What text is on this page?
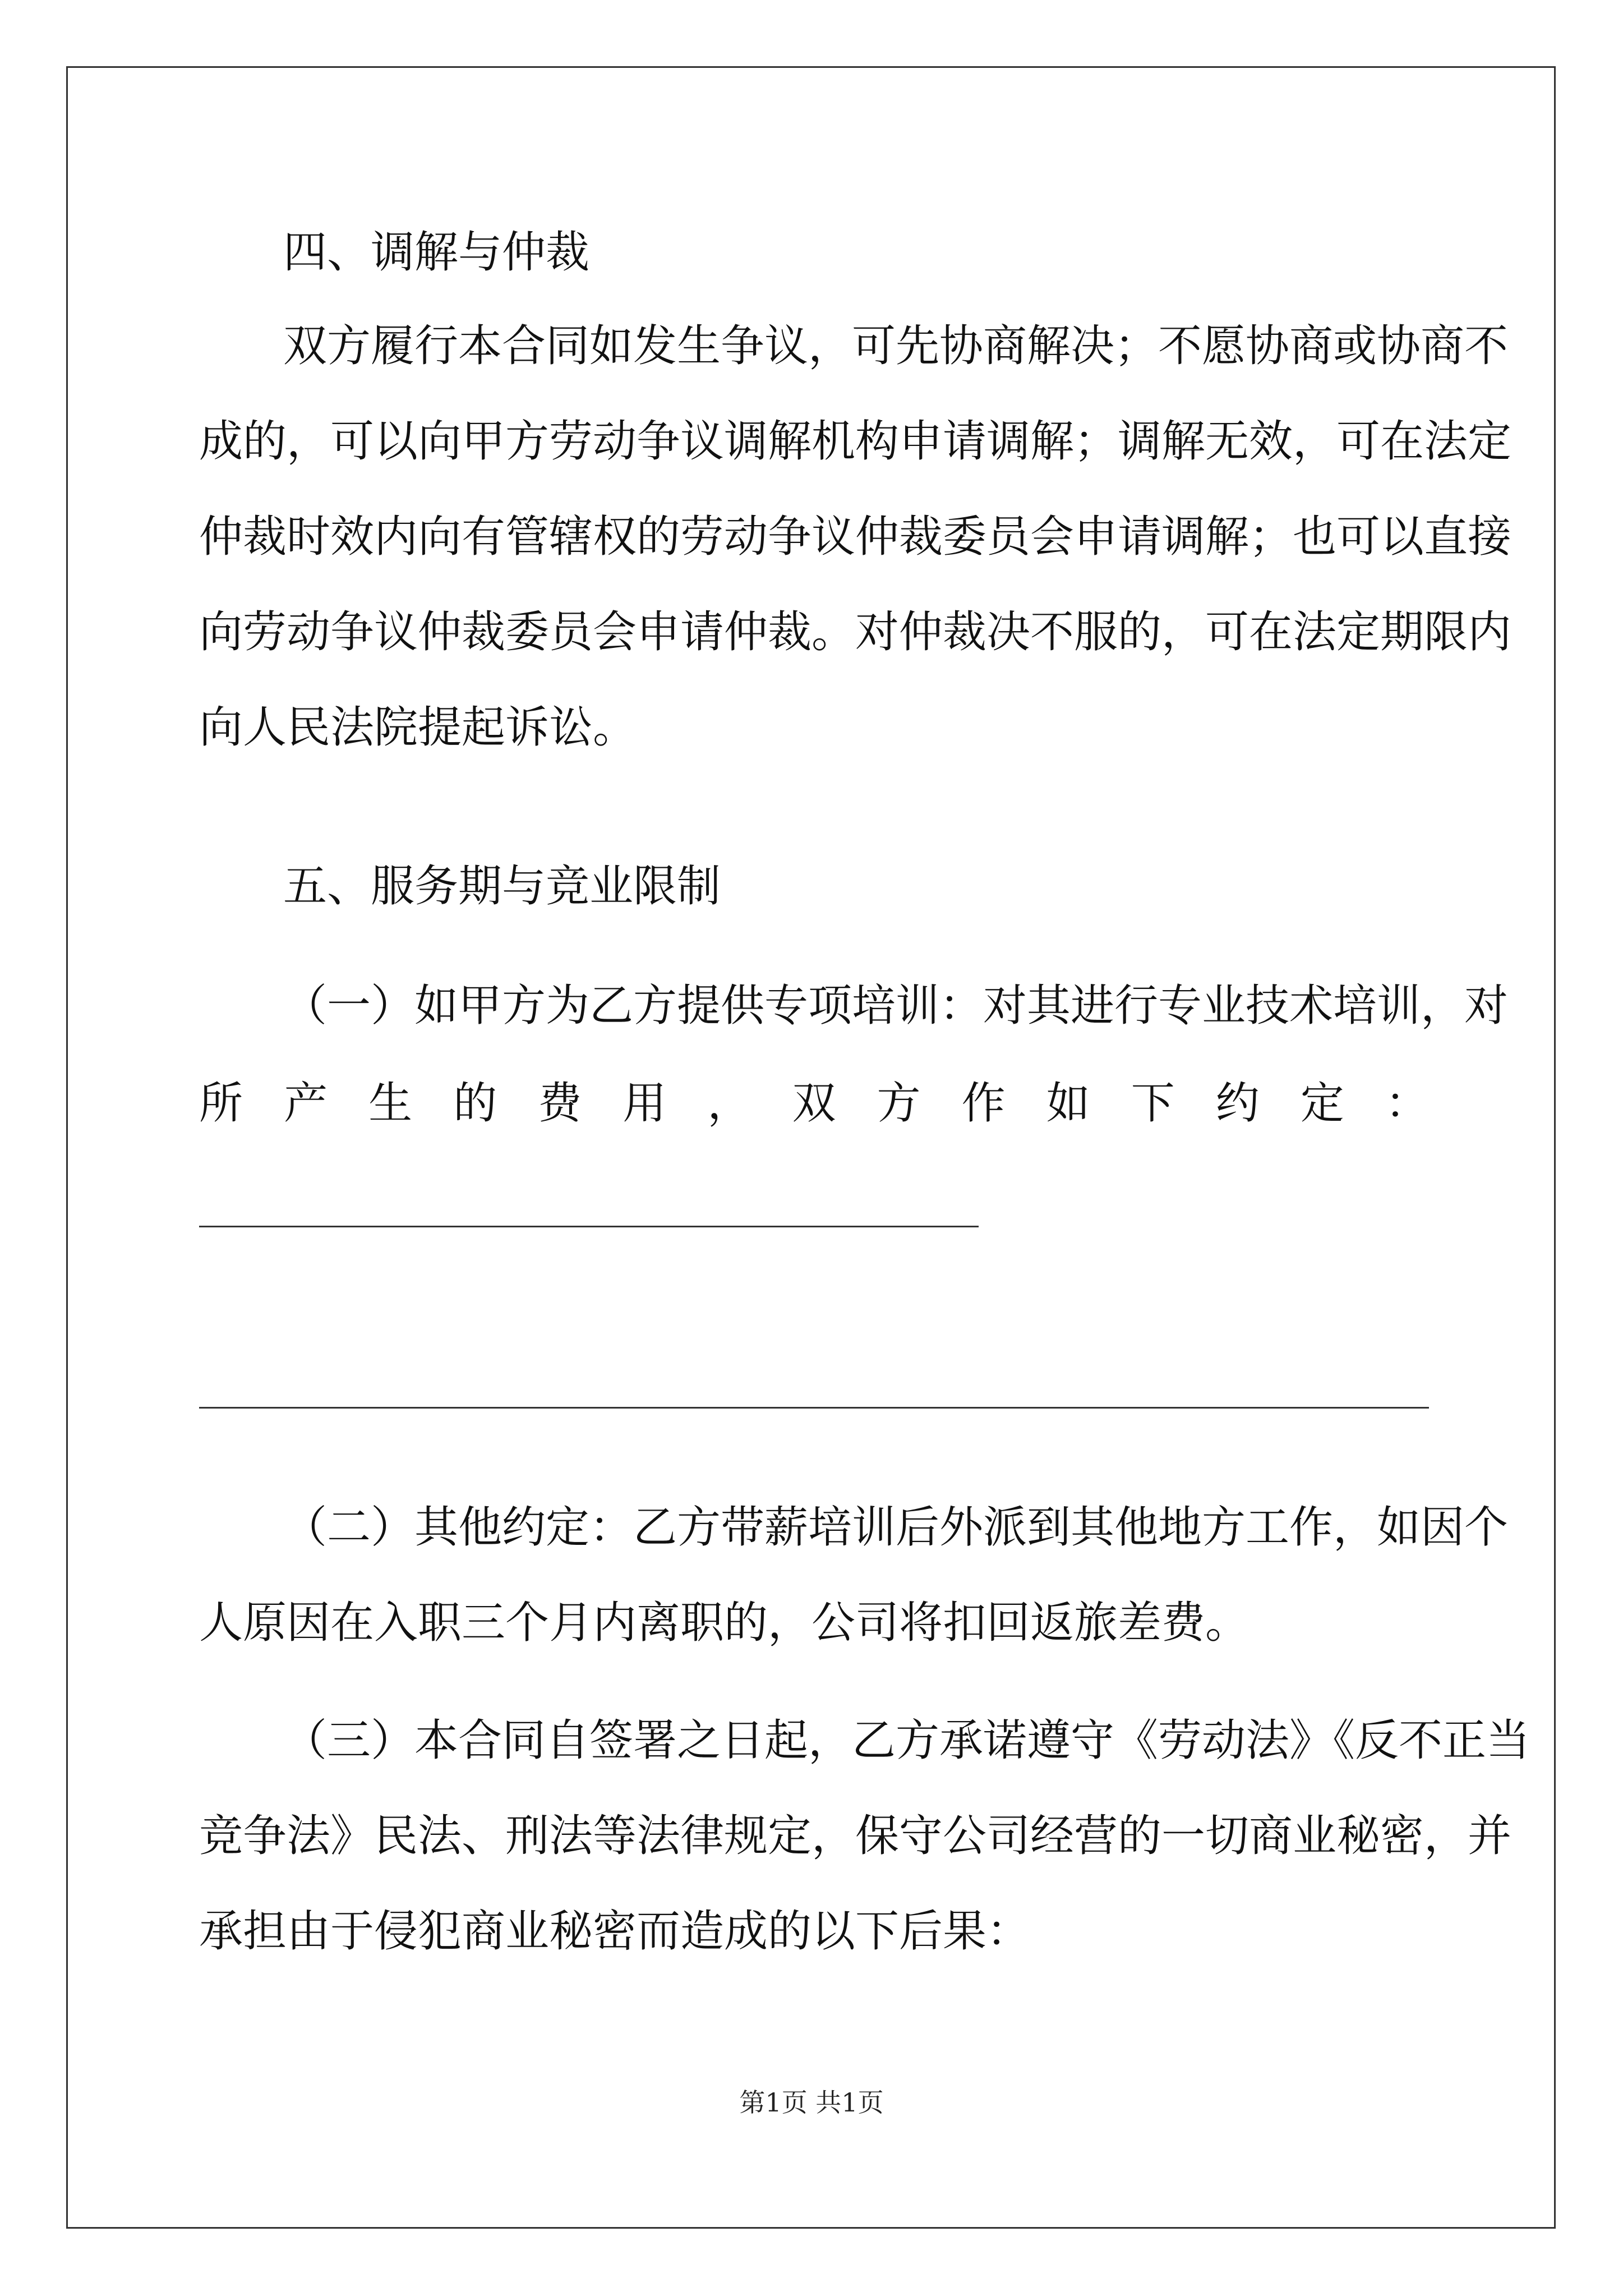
四、调解与仲裁
双方履行本合同如发生争议，可先协商解决；不愿协商或协商不
成的，可以向甲方劳动争议调解机构申请调解；调解无效，可在法定
仲裁时效内向有管辖权的劳动争议仲裁委员会申请调解；也可以直接
向劳动争议仲裁委员会申请仲裁。对仲裁决不服的，可在法定期限内
向人民法院提起诉讼。
五、服务期与竞业限制
（一）如甲方为乙方提供专项培训：对其进行专业技术培训，对
所 产 生 的 费 用 ， 双 方 作 如 下 约 定 ：
（二）其他约定：乙方带薪培训后外派到其他地方工作，如因个
人原因在入职三个月内离职的，公司将扣回返旅差费。
（三）本合同自签署之日起，乙方承诺遵守《劳动法》《反不正当
竞争法》民法、刑法等法律规定，保守公司经营的一切商业秘密，并
承担由于侵犯商业秘密而造成的以下后果：
第1页 共1页
